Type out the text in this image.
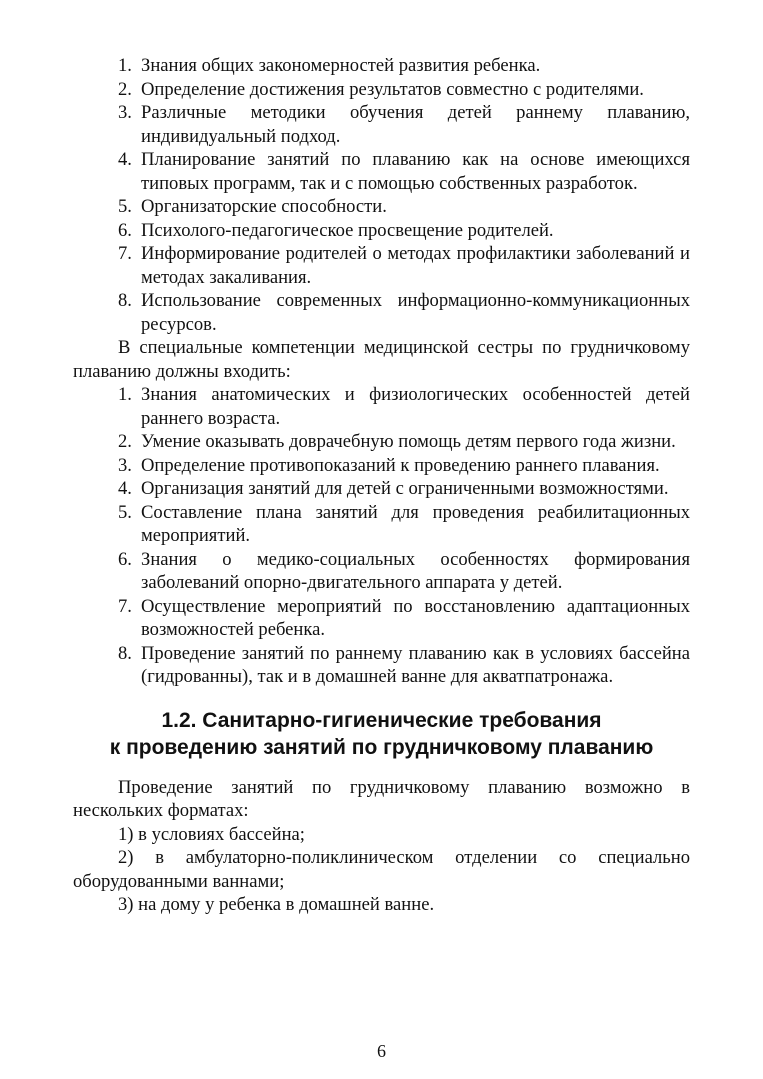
1. Знания общих закономерностей развития ребенка.
2. Определение достижения результатов совместно с родителями.
3. Различные методики обучения детей раннему плаванию, индивидуальный подход.
4. Планирование занятий по плаванию как на основе имеющихся типовых программ, так и с помощью собственных разработок.
5. Организаторские способности.
6. Психолого-педагогическое просвещение родителей.
7. Информирование родителей о методах профилактики заболеваний и методах закаливания.
8. Использование современных информационно-коммуникационных ресурсов.

В специальные компетенции медицинской сестры по грудничковому плаванию должны входить:

1. Знания анатомических и физиологических особенностей детей раннего возраста.
2. Умение оказывать доврачебную помощь детям первого года жизни.
3. Определение противопоказаний к проведению раннего плавания.
4. Организация занятий для детей с ограниченными возможностями.
5. Составление плана занятий для проведения реабилитационных мероприятий.
6. Знания о медико-социальных особенностях формирования заболеваний опорно-двигательного аппарата у детей.
7. Осуществление мероприятий по восстановлению адаптационных возможностей ребенка.
8. Проведение занятий по раннему плаванию как в условиях бассейна (гидрованны), так и в домашней ванне для акватпатронажа.
1.2. Санитарно-гигиенические требования
к проведению занятий по грудничковому плаванию

Проведение занятий по грудничковому плаванию возможно в нескольких форматах:

1) в условиях бассейна;

2) в амбулаторно-поликлиническом отделении со специально оборудованными ваннами;

3) на дому у ребенка в домашней ванне.

6
